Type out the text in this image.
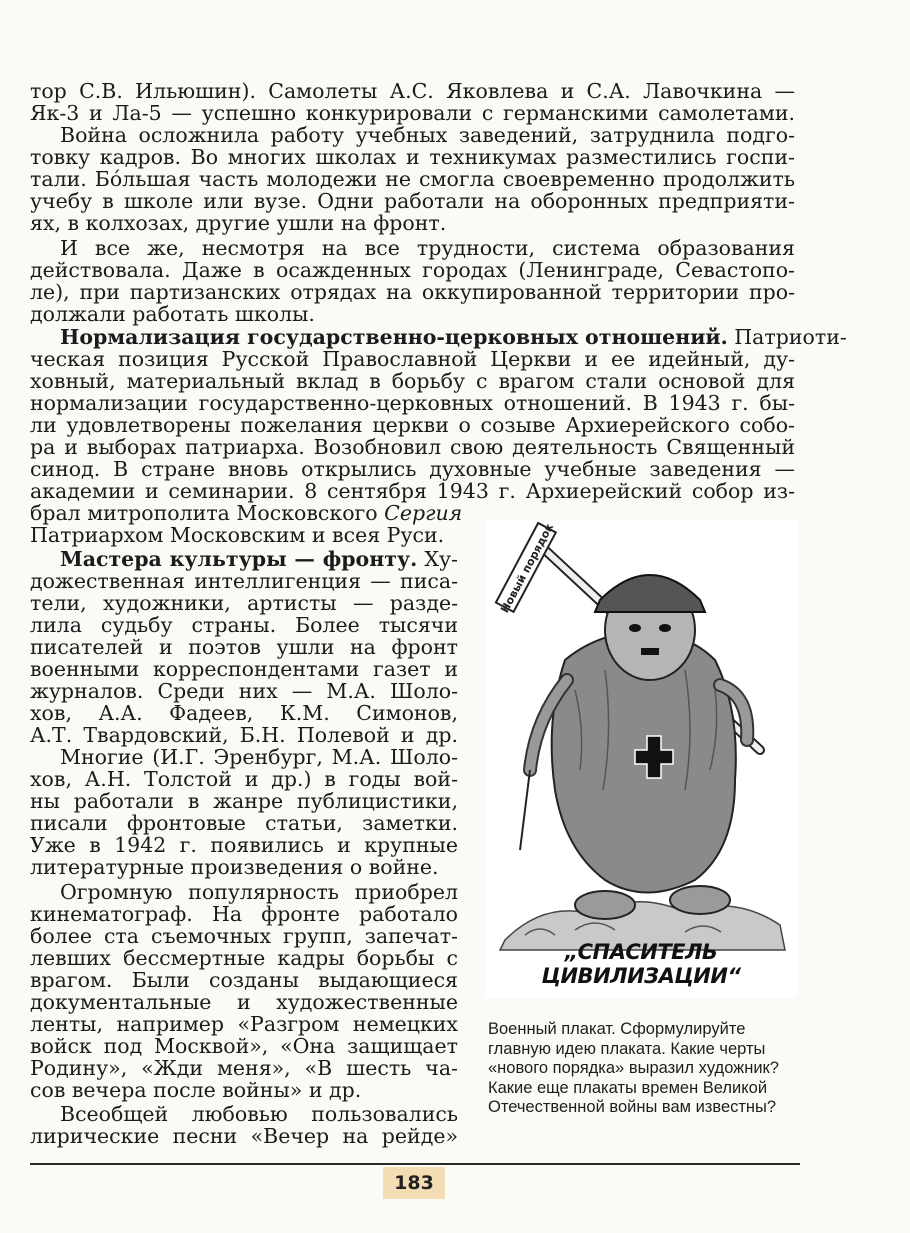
тор С.В. Ильюшин). Самолеты А.С. Яковлева и С.А. Лавочкина —
Як-3 и Ла-5 — успешно конкурировали с германскими самолетами.
Война осложнила работу учебных заведений, затруднила подго-
товку кадров. Во многих школах и техникумах разместились госпи-
тали. Бóльшая часть молодежи не смогла своевременно продолжить
учебу в школе или вузе. Одни работали на оборонных предприяти-
ях, в колхозах, другие ушли на фронт.
И все же, несмотря на все трудности, система образования
действовала. Даже в осажденных городах (Ленинграде, Севастопо-
ле), при партизанских отрядах на оккупированной территории про-
должали работать школы.
Нормализация государственно-церковных отношений. Патриоти-
ческая позиция Русской Православной Церкви и ее идейный, ду-
ховный, материальный вклад в борьбу с врагом стали основой для
нормализации государственно-церковных отношений. В 1943 г. бы-
ли удовлетворены пожелания церкви о созыве Архиерейского собо-
ра и выборах патриарха. Возобновил свою деятельность Священный
синод. В стране вновь открылись духовные учебные заведения —
академии и семинарии. 8 сентября 1943 г. Архиерейский собор из-
брал митрополита Московского Сергия
Патриархом Московским и всея Руси.
Мастера культуры — фронту. Ху-
дожественная интеллигенция — писа-
тели, художники, артисты — разде-
лила судьбу страны. Более тысячи
писателей и поэтов ушли на фронт
военными корреспондентами газет и
журналов. Среди них — М.А. Шоло-
хов, А.А. Фадеев, К.М. Симонов,
А.Т. Твардовский, Б.Н. Полевой и др.
Многие (И.Г. Эренбург, М.А. Шоло-
хов, А.Н. Толстой и др.) в годы вой-
ны работали в жанре публицистики,
писали фронтовые статьи, заметки.
Уже в 1942 г. появились и крупные
литературные произведения о войне.
Огромную популярность приобрел
кинематограф. На фронте работало
более ста съемочных групп, запечат-
левших бессмертные кадры борьбы с
врагом. Были созданы выдающиеся
документальные и художественные
ленты, например «Разгром немецких
войск под Москвой», «Она защищает
Родину», «Жди меня», «В шесть ча-
сов вечера после войны» и др.
Всеобщей любовью пользовались
лирические песни «Вечер на рейде»
Новый порядок
„СПАСИТЕЛЬ ЦИВИЛИЗАЦИИ“
Военный плакат. Сформулируйте главную идею плаката. Какие черты «нового порядка» выразил художник? Какие еще плакаты времен Великой Отечественной войны вам известны?
183
